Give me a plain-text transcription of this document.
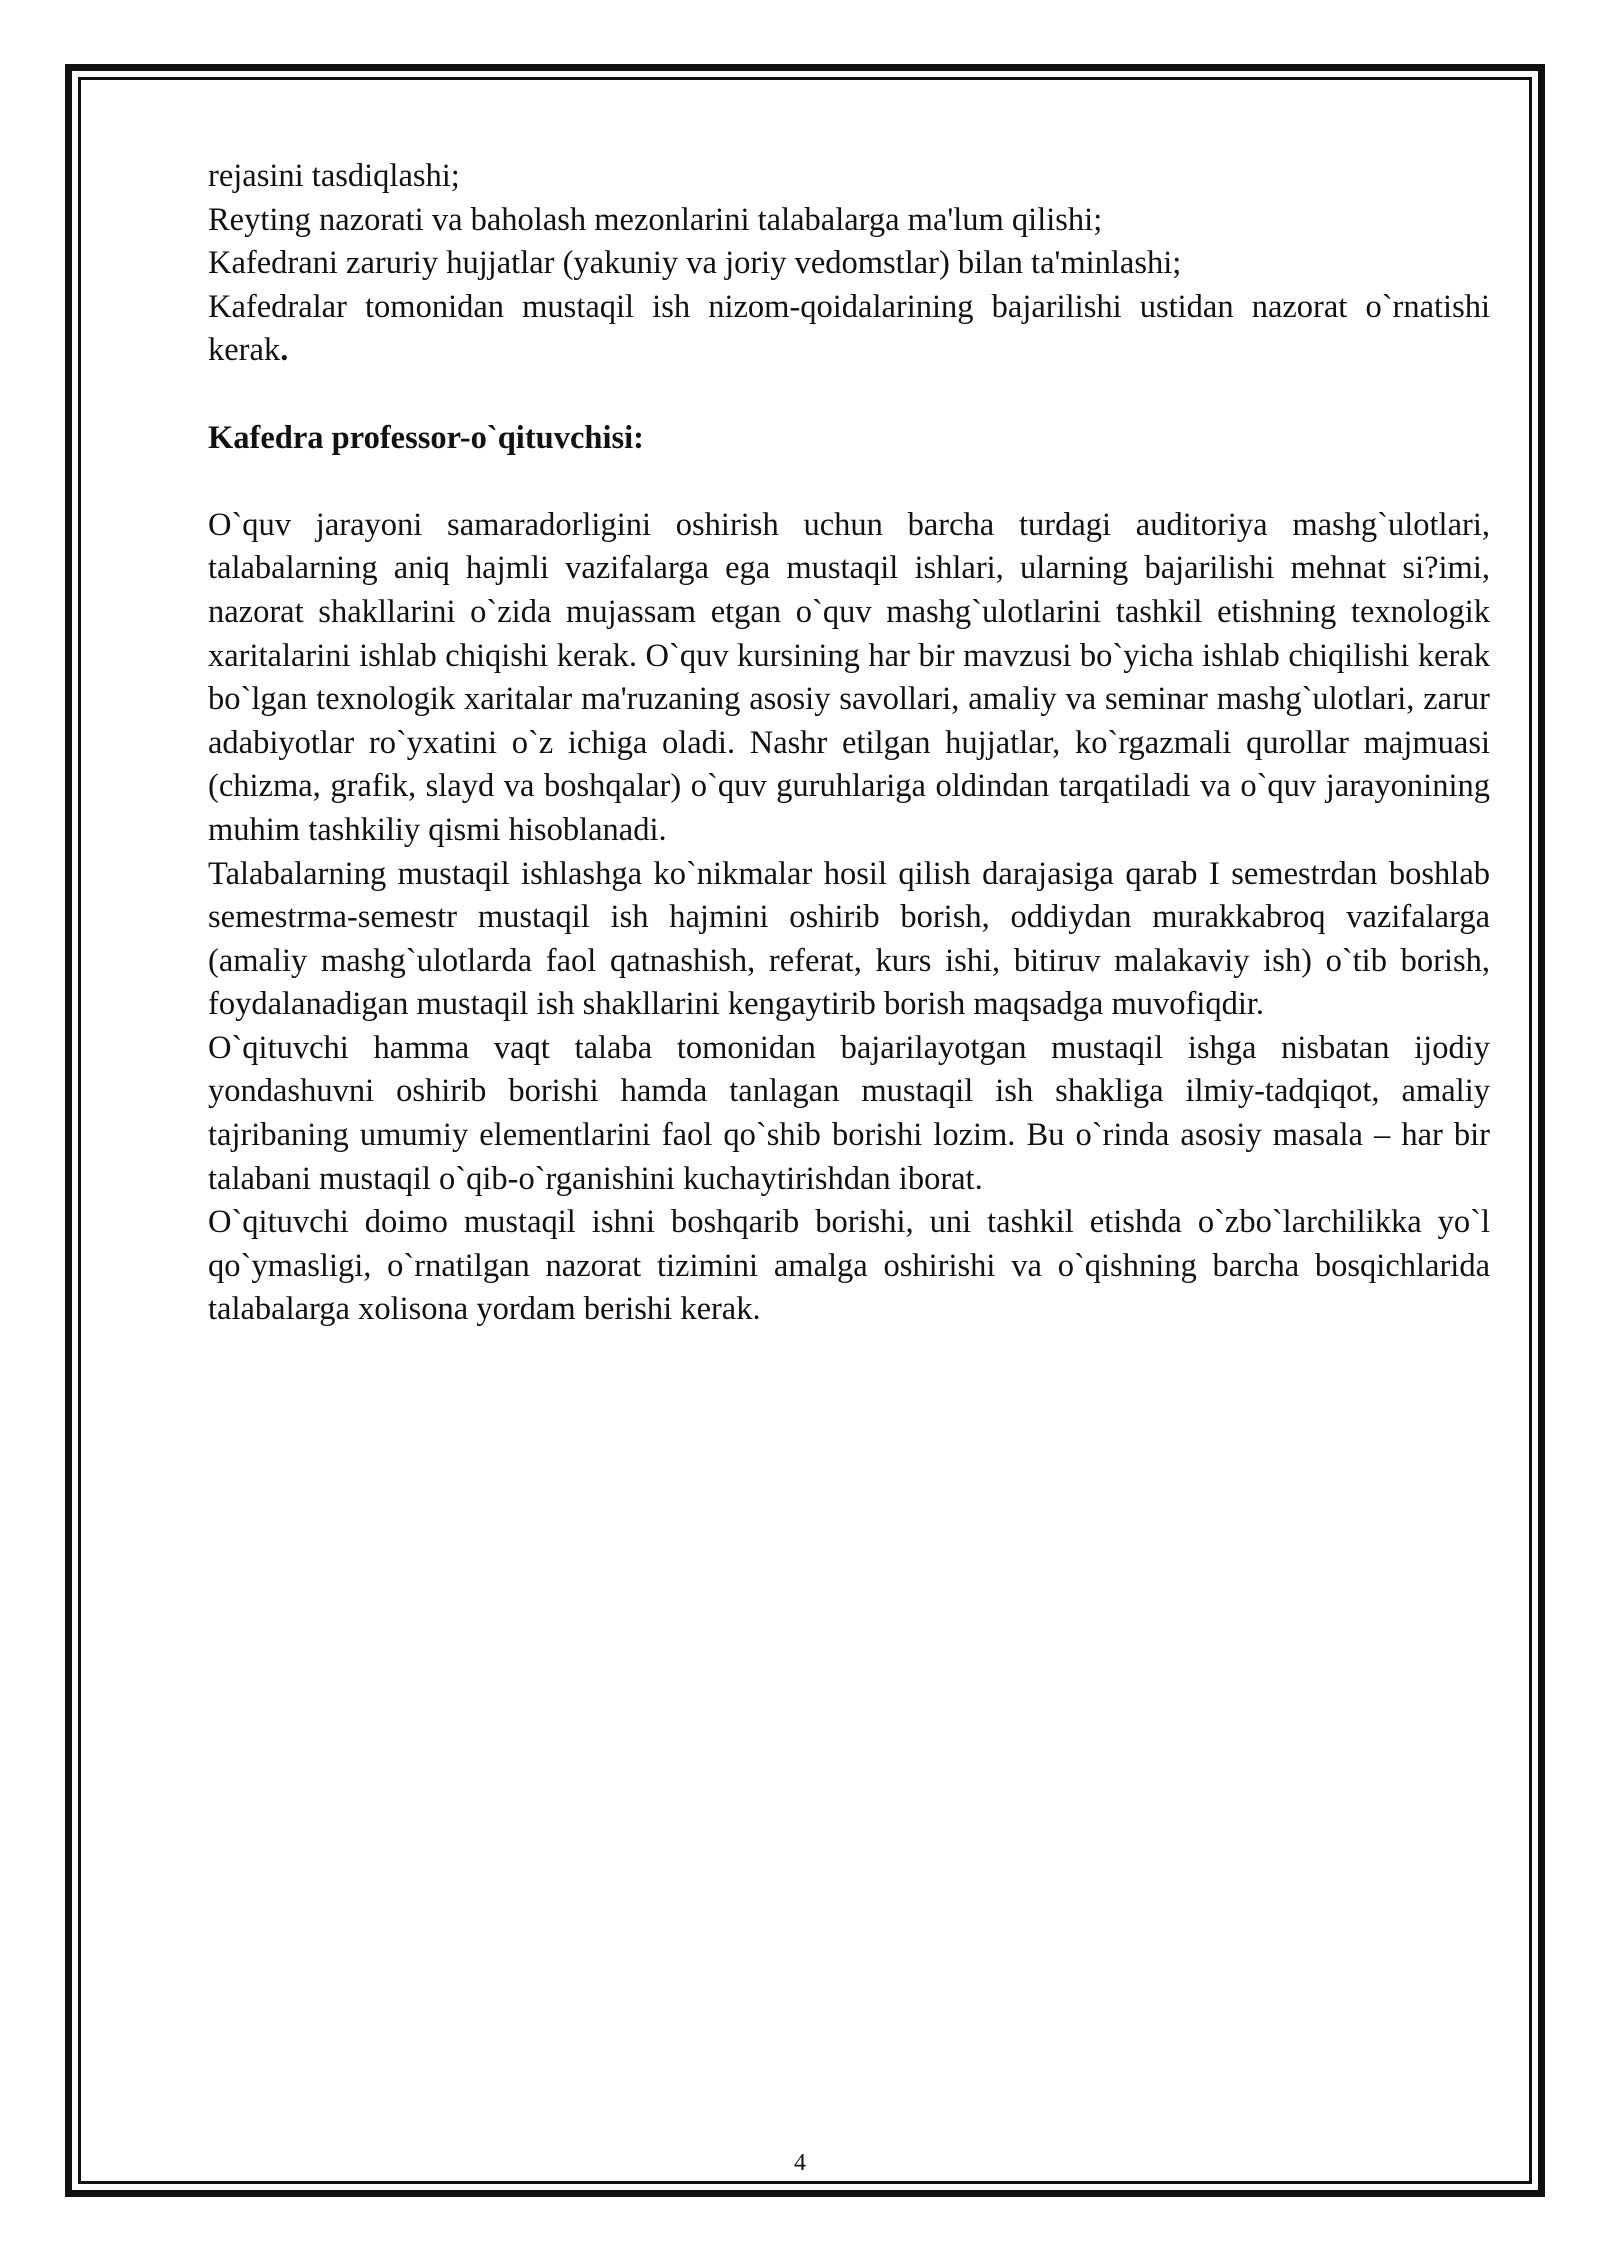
rejasini tasdiqlashi;
Reyting nazorati va baholash mezonlarini talabalarga ma'lum qilishi;
Kafedrani zaruriy hujjatlar (yakuniy va joriy vedomstlar) bilan ta'minlashi;

Kafedralar tomonidan mustaqil ish nizom-qoidalarining bajarilishi ustidan nazorat o`rnatishi kerak.

Kafedra professor-o`qituvchisi:

O`quv jarayoni samaradorligini oshirish uchun barcha turdagi auditoriya mashg`ulotlari, talabalarning aniq hajmli vazifalarga ega mustaqil ishlari, ularning bajarilishi mehnat si?imi, nazorat shakllarini o`zida mujassam etgan o`quv mashg`ulotlarini tashkil etishning texnologik xaritalarini ishlab chiqishi kerak. O`quv kursining har bir mavzusi bo`yicha ishlab chiqilishi kerak bo`lgan texnologik xaritalar ma'ruzaning asosiy savollari, amaliy va seminar mashg`ulotlari, zarur adabiyotlar ro`yxatini o`z ichiga oladi. Nashr etilgan hujjatlar, ko`rgazmali qurollar majmuasi (chizma, grafik, slayd va boshqalar) o`quv guruhlariga oldindan tarqatiladi va o`quv jarayonining muhim tashkiliy qismi hisoblanadi.

Talabalarning mustaqil ishlashga ko`nikmalar hosil qilish darajasiga qarab I semestrdan boshlab semestrma-semestr mustaqil ish hajmini oshirib borish, oddiydan murakkabroq vazifalarga (amaliy mashg`ulotlarda faol qatnashish, referat, kurs ishi, bitiruv malakaviy ish) o`tib borish, foydalanadigan mustaqil ish shakllarini kengaytirib borish maqsadga muvofiqdir.

O`qituvchi hamma vaqt talaba tomonidan bajarilayotgan mustaqil ishga nisbatan ijodiy yondashuvni oshirib borishi hamda tanlagan mustaqil ish shakliga ilmiy-tadqiqot, amaliy tajribaning umumiy elementlarini faol qo`shib borishi lozim. Bu o`rinda asosiy masala – har bir talabani mustaqil o`qib-o`rganishini kuchaytirishdan iborat.

O`qituvchi doimo mustaqil ishni boshqarib borishi, uni tashkil etishda o`zbo`larchilikka yo`l qo`ymasligi, o`rnatilgan nazorat tizimini amalga oshirishi va o`qishning barcha bosqichlarida talabalarga xolisona yordam berishi kerak.

4
